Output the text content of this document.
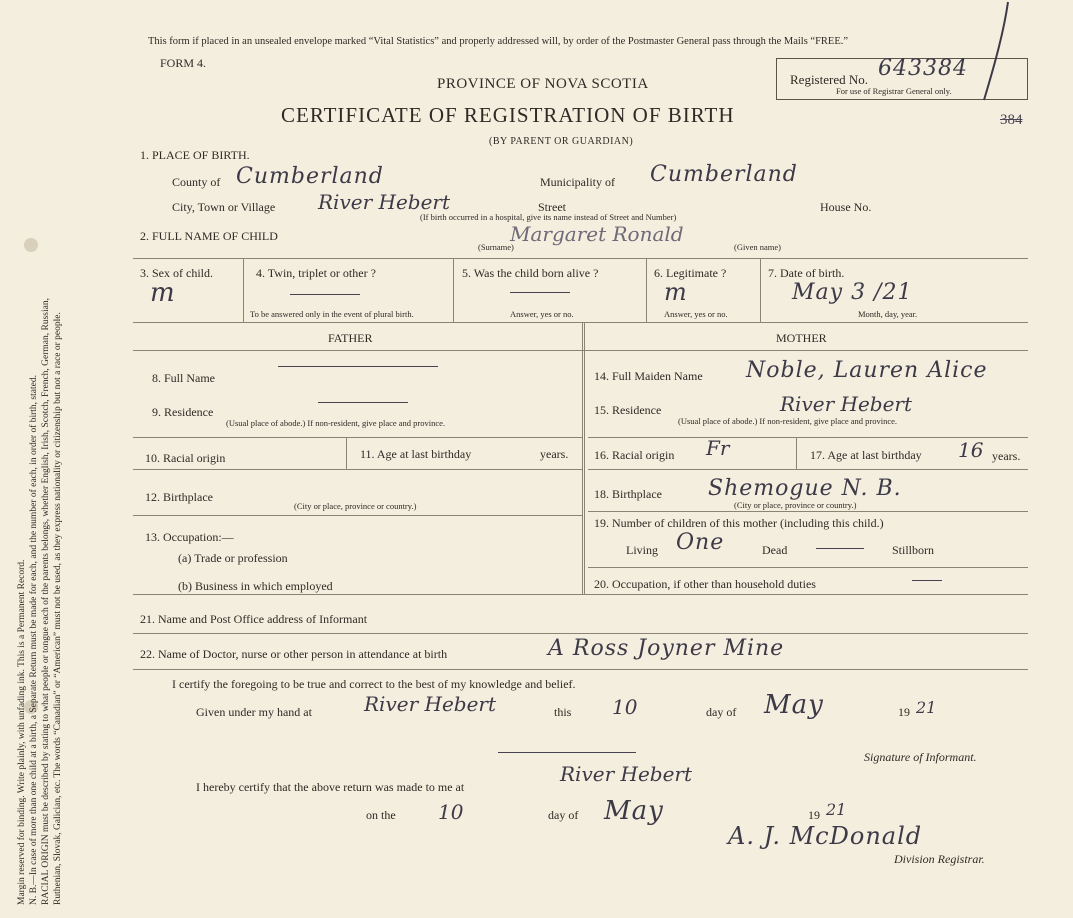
Margin reserved for binding. Write plainly, with unfading ink. This is a Permanent Record. N. B.—In case of more than one child at a birth, a Separate Return must be made for each, and the number of each, in order of birth, stated. RACIAL ORIGIN must be described by stating to what people or tongue each of the parents belongs, whether English, Irish, Scotch, French, German, Russian, Ruthenian, Slovak, Galician, etc. The words “Canadian” or “American” must not be used, as they express nationality or citizenship but not a race or people.
This form if placed in an unsealed envelope marked “Vital Statistics” and properly addressed will, by order of the Postmaster General pass through the Mails “FREE.”
FORM 4.
Registered No. 643384
For use of Registrar General only.
384
PROVINCE OF NOVA SCOTIA
CERTIFICATE OF REGISTRATION OF BIRTH
(BY PARENT OR GUARDIAN)
1. PLACE OF BIRTH.
County of Cumberland	Municipality of Cumberland
City, Town or Village River Hebert	Street	House No.
(If birth occurred in a hospital, give its name instead of Street and Number)
2. FULL NAME OF CHILD	Margaret Ronald
(Surname)	(Given name)
3. Sex of child.
m
4. Twin, triplet or other ?
To be answered only in the event of plural birth.
5. Was the child born alive ?
Answer, yes or no.
6. Legitimate ?
m
Answer, yes or no.
7. Date of birth.
May 3 /21
Month, day, year.
FATHER	MOTHER
8. Full Name
9. Residence
(Usual place of abode.) If non-resident, give place and province.
10. Racial origin	11. Age at last birthday	years.
12. Birthplace
(City or place, province or country.)
13. Occupation:—
(a) Trade or profession
(b) Business in which employed
14. Full Maiden Name Noble, Lauren Alice
15. Residence	River Hebert
(Usual place of abode.) If non-resident, give place and province.
16. Racial origin Fr	17. Age at last birthday 16 years.
18. Birthplace Shemogue N. B.
(City or place, province or country.)
19. Number of children of this mother (including this child.)
Living One	Dead	Stillborn
20. Occupation, if other than household duties
21. Name and Post Office address of Informant
22. Name of Doctor, nurse or other person in attendance at birth	A Ross Joyner Mine
I certify the foregoing to be true and correct to the best of my knowledge and belief.
Given under my hand at	River Hebert	this 10	day of May	19 21
Signature of Informant.
I hereby certify that the above return was made to me at
River Hebert
on the 10	day of May	19 21
A. J. McDonald
Division Registrar.
